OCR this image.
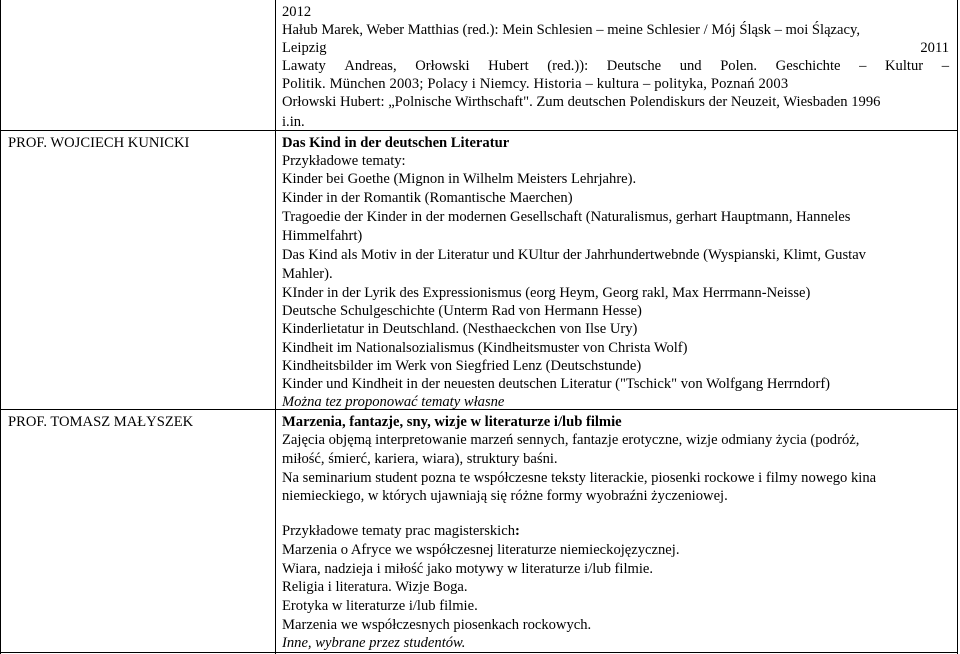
2012
Hałub Marek, Weber Matthias (red.): Mein Schlesien – meine Schlesier / Mój Śląsk – moi Ślązacy,
Leipzig	2011
Lawaty Andreas, Orłowski Hubert (red.)): Deutsche und Polen. Geschichte – Kultur –
Politik. München 2003; Polacy i Niemcy. Historia – kultura – polityka, Poznań 2003
Orłowski Hubert: „Polnische Wirthschaft". Zum deutschen Polendiskurs der Neuzeit, Wiesbaden 1996
i.in.
PROF. WOJCIECH KUNICKI	Das Kind in der deutschen Literatur
Przykładowe tematy:
Kinder bei Goethe (Mignon in Wilhelm Meisters Lehrjahre).
Kinder in der Romantik (Romantische Maerchen)
Tragoedie der Kinder in der modernen Gesellschaft (Naturalismus, gerhart Hauptmann, Hanneles
Himmelfahrt)
Das Kind als Motiv in der Literatur und KUltur der Jahrhundertwebnde (Wyspianski, Klimt, Gustav
Mahler).
KInder in der Lyrik des Expressionismus (eorg Heym, Georg rakl, Max Herrmann-Neisse)
Deutsche Schulgeschichte (Unterm Rad von Hermann Hesse)
Kinderlietatur in Deutschland. (Nesthaeckchen von Ilse Ury)
Kindheit im Nationalsozialismus (Kindheitsmuster von Christa Wolf)
Kindheitsbilder im Werk von Siegfried Lenz (Deutschstunde)
Kinder und Kindheit in der neuesten deutschen Literatur ("Tschick" von Wolfgang Herrndorf)
Można tez proponować tematy własne
PROF. TOMASZ MAŁYSZEK	Marzenia, fantazje, sny, wizje w literaturze i/lub filmie
Zajęcia objęmą interpretowanie marzeń sennych, fantazje erotyczne, wizje odmiany życia (podróż,
miłość, śmierć, kariera, wiara), struktury baśni.
Na seminarium student pozna te współczesne teksty literackie, piosenki rockowe i filmy nowego kina
niemieckiego, w których ujawniają się różne formy wyobraźni życzeniowej.
Przykładowe tematy prac magisterskich:
Marzenia o Afryce we współczesnej literaturze niemieckojęzycznej.
Wiara, nadzieja i miłość jako motywy w literaturze i/lub filmie.
Religia i literatura. Wizje Boga.
Erotyka w literaturze i/lub filmie.
Marzenia we współczesnych piosenkach rockowych.
Inne, wybrane przez studentów.
